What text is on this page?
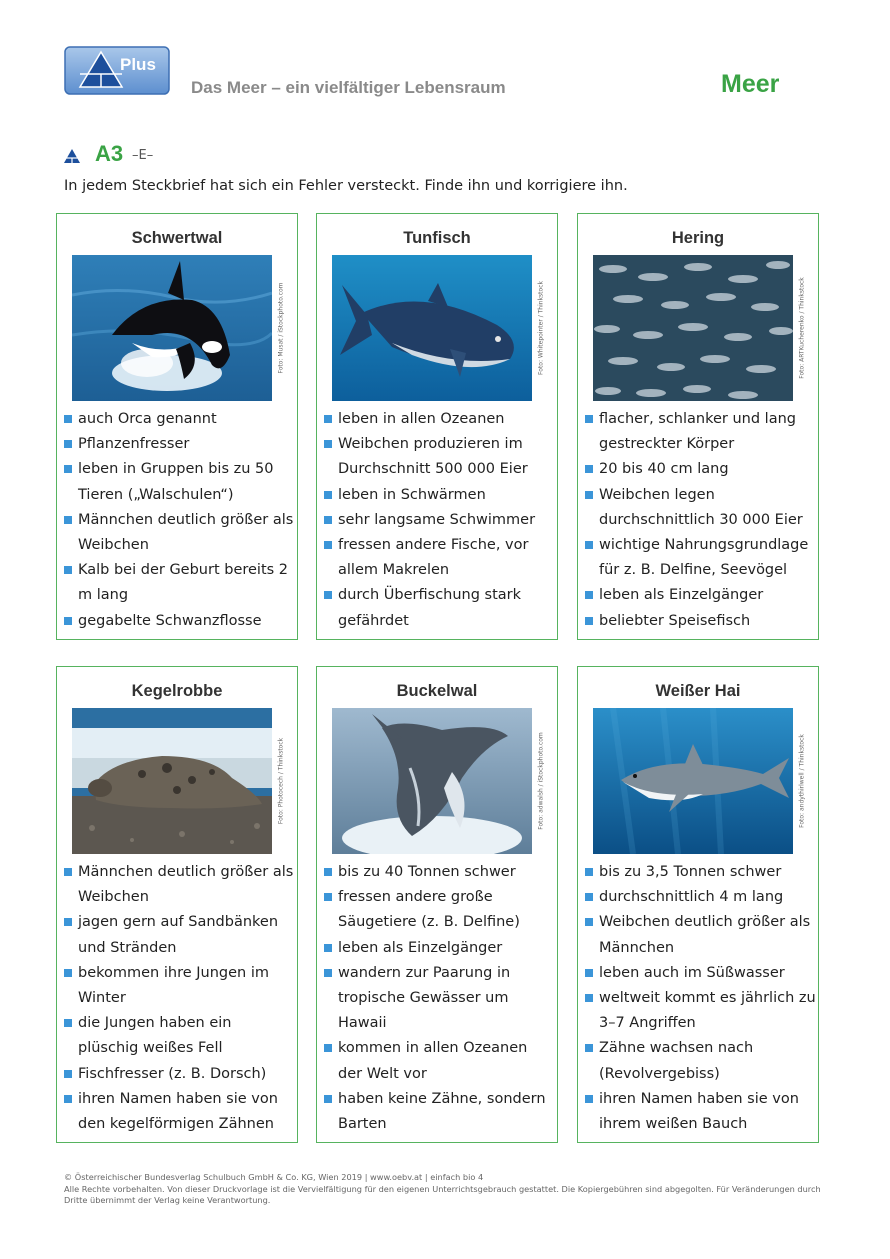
Plus
Das Meer – ein vielfältiger Lebensraum	Meer
A3 –E–
In jedem Steckbrief hat sich ein Fehler versteckt. Finde ihn und korrigiere ihn.
Schwertwal
Foto: Musat / iStockphoto.com
auch Orca genannt
Pflanzenfresser
leben in Gruppen bis zu 50 Tieren („Walschulen“)
Männchen deutlich größer als Weibchen
Kalb bei der Geburt bereits 2 m lang
gegabelte Schwanzflosse
Tunfisch
Foto: Whitepointer / Thinkstock
leben in allen Ozeanen
Weibchen produzieren im Durchschnitt 500 000 Eier
leben in Schwärmen
sehr langsame Schwimmer
fressen andere Fische, vor allem Makrelen
durch Überfischung stark gefährdet
Hering
Foto: ARTKucherenko / Thinkstock
flacher, schlanker und lang gestreckter Körper
20 bis 40 cm lang
Weibchen legen durchschnittlich 30 000 Eier
wichtige Nahrungsgrundlage für z. B. Delfine, Seevögel
leben als Einzelgänger
beliebter Speisefisch
Kegelrobbe
Foto: Photocech / Thinkstock
Männchen deutlich größer als Weibchen
jagen gern auf Sandbänken und Stränden
bekommen ihre Jungen im Winter
die Jungen haben ein plüschig weißes Fell
Fischfresser (z. B. Dorsch)
ihren Namen haben sie von den kegelförmigen Zähnen
Buckelwal
Foto: adwalsh / iStockphoto.com
bis zu 40 Tonnen schwer
fressen andere große Säugetiere (z. B. Delfine)
leben als Einzelgänger
wandern zur Paarung in tropische Gewässer um Hawaii
kommen in allen Ozeanen der Welt vor
haben keine Zähne, sondern Barten
Weißer Hai
Foto: andythirlwell / Thinkstock
bis zu 3,5 Tonnen schwer
durchschnittlich 4 m lang
Weibchen deutlich größer als Männchen
leben auch im Süßwasser
weltweit kommt es jährlich zu 3–7 Angriffen
Zähne wachsen nach (Revolvergebiss)
ihren Namen haben sie von ihrem weißen Bauch
© Österreichischer Bundesverlag Schulbuch GmbH & Co. KG, Wien 2019 | www.oebv.at | einfach bio 4
Alle Rechte vorbehalten. Von dieser Druckvorlage ist die Vervielfältigung für den eigenen Unterrichtsgebrauch gestattet. Die Kopiergebühren sind abgegolten. Für Veränderungen durch Dritte übernimmt der Verlag keine Verantwortung.
